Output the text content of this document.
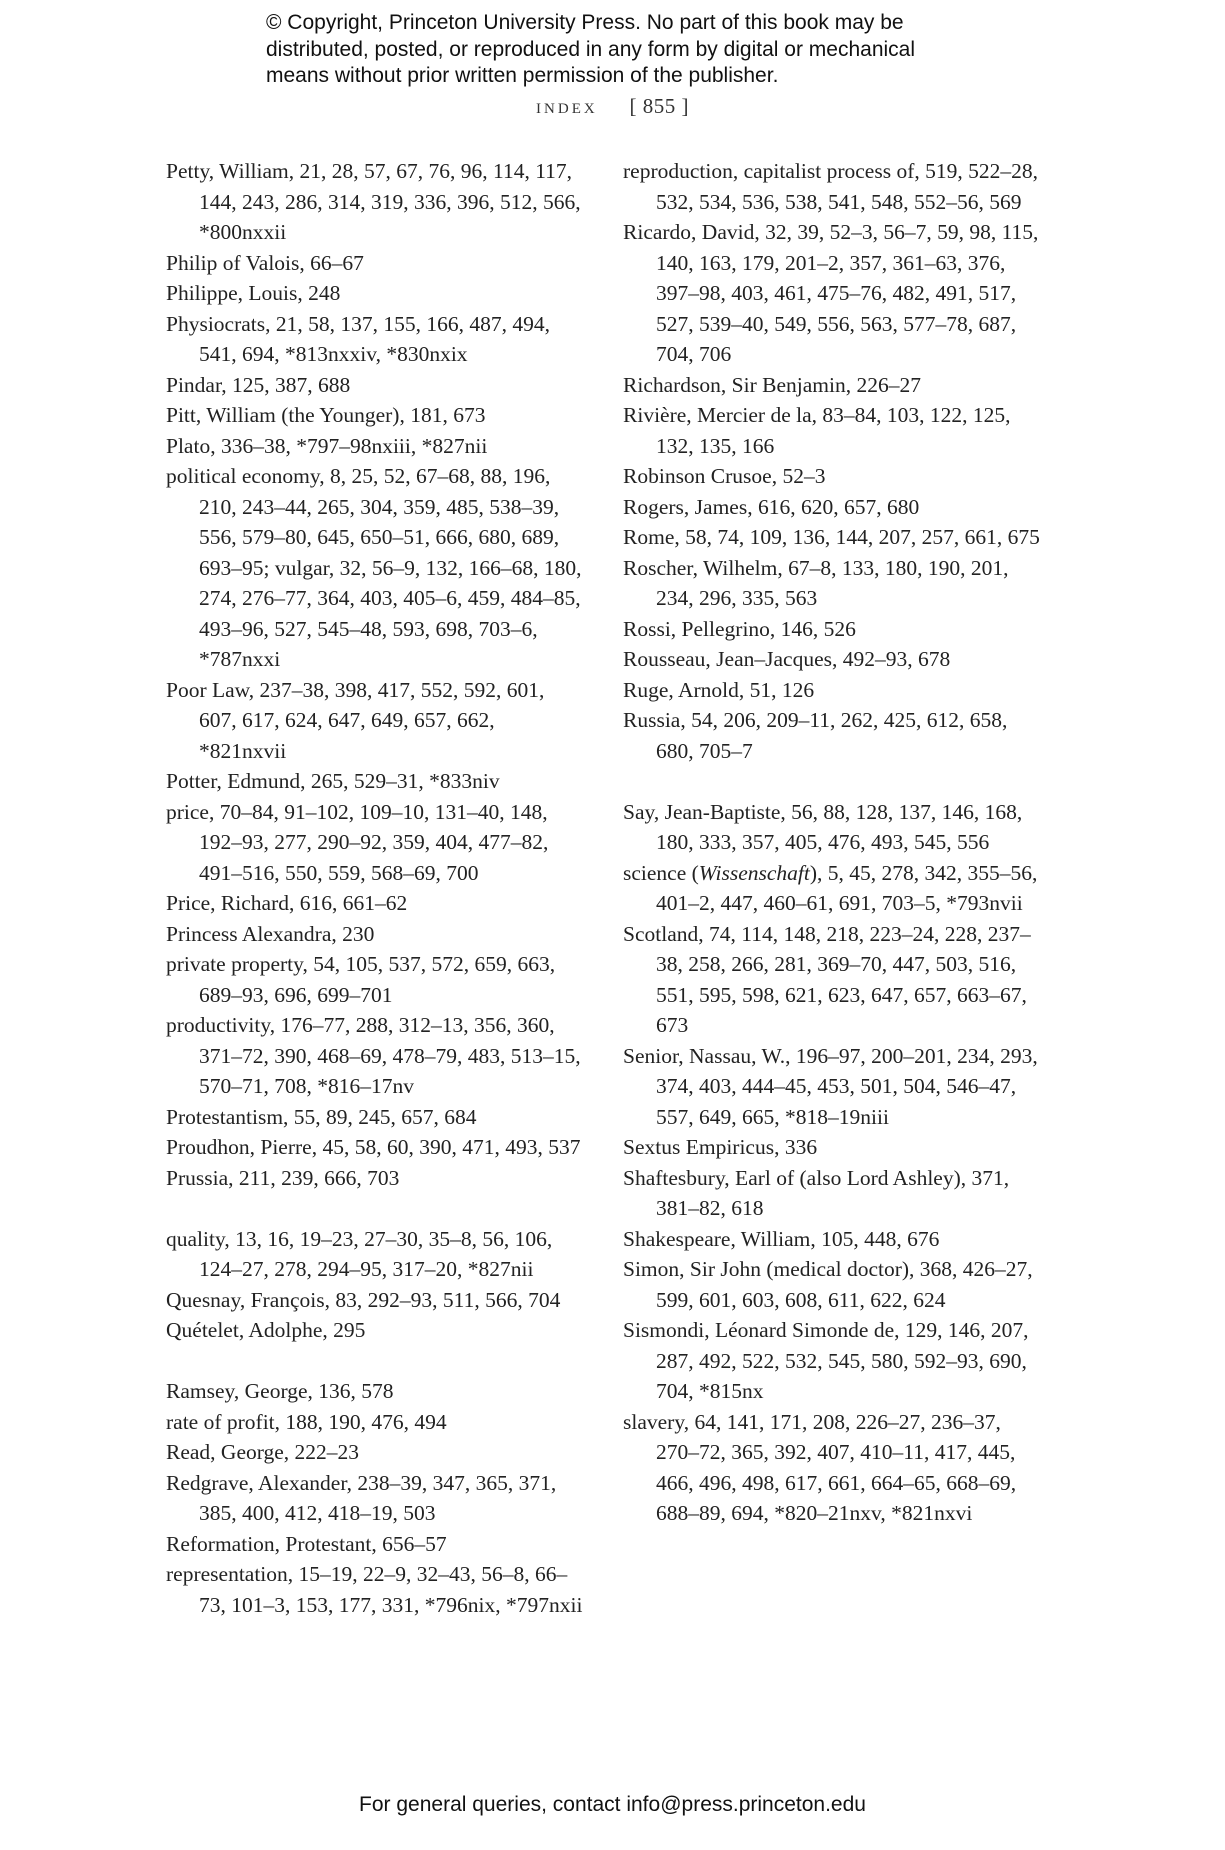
© Copyright, Princeton University Press. No part of this book may be
distributed, posted, or reproduced in any form by digital or mechanical
means without prior written permission of the publisher.
index [ 855 ]
Petty, William, 21, 28, 57, 67, 76, 96, 114, 117, 144, 243, 286, 314, 319, 336, 396, 512, 566, *800nxxii
Philip of Valois, 66–67
Philippe, Louis, 248
Physiocrats, 21, 58, 137, 155, 166, 487, 494, 541, 694, *813nxxiv, *830nxix
Pindar, 125, 387, 688
Pitt, William (the Younger), 181, 673
Plato, 336–38, *797–98nxiii, *827nii
political economy, 8, 25, 52, 67–68, 88, 196, 210, 243–44, 265, 304, 359, 485, 538–39, 556, 579–80, 645, 650–51, 666, 680, 689, 693–95; vulgar, 32, 56–9, 132, 166–68, 180, 274, 276–77, 364, 403, 405–6, 459, 484–85, 493–96, 527, 545–48, 593, 698, 703–6, *787nxxi
Poor Law, 237–38, 398, 417, 552, 592, 601, 607, 617, 624, 647, 649, 657, 662, *821nxvii
Potter, Edmund, 265, 529–31, *833niv
price, 70–84, 91–102, 109–10, 131–40, 148, 192–93, 277, 290–92, 359, 404, 477–82, 491–516, 550, 559, 568–69, 700
Price, Richard, 616, 661–62
Princess Alexandra, 230
private property, 54, 105, 537, 572, 659, 663, 689–93, 696, 699–701
productivity, 176–77, 288, 312–13, 356, 360, 371–72, 390, 468–69, 478–79, 483, 513–15, 570–71, 708, *816–17nv
Protestantism, 55, 89, 245, 657, 684
Proudhon, Pierre, 45, 58, 60, 390, 471, 493, 537
Prussia, 211, 239, 666, 703
quality, 13, 16, 19–23, 27–30, 35–8, 56, 106, 124–27, 278, 294–95, 317–20, *827nii
Quesnay, François, 83, 292–93, 511, 566, 704
Quételet, Adolphe, 295
Ramsey, George, 136, 578
rate of profit, 188, 190, 476, 494
Read, George, 222–23
Redgrave, Alexander, 238–39, 347, 365, 371, 385, 400, 412, 418–19, 503
Reformation, Protestant, 656–57
representation, 15–19, 22–9, 32–43, 56–8, 66–73, 101–3, 153, 177, 331, *796nix, *797nxii
reproduction, capitalist process of, 519, 522–28, 532, 534, 536, 538, 541, 548, 552–56, 569
Ricardo, David, 32, 39, 52–3, 56–7, 59, 98, 115, 140, 163, 179, 201–2, 357, 361–63, 376, 397–98, 403, 461, 475–76, 482, 491, 517, 527, 539–40, 549, 556, 563, 577–78, 687, 704, 706
Richardson, Sir Benjamin, 226–27
Rivière, Mercier de la, 83–84, 103, 122, 125, 132, 135, 166
Robinson Crusoe, 52–3
Rogers, James, 616, 620, 657, 680
Rome, 58, 74, 109, 136, 144, 207, 257, 661, 675
Roscher, Wilhelm, 67–8, 133, 180, 190, 201, 234, 296, 335, 563
Rossi, Pellegrino, 146, 526
Rousseau, Jean–Jacques, 492–93, 678
Ruge, Arnold, 51, 126
Russia, 54, 206, 209–11, 262, 425, 612, 658, 680, 705–7
Say, Jean-Baptiste, 56, 88, 128, 137, 146, 168, 180, 333, 357, 405, 476, 493, 545, 556
science (Wissenschaft), 5, 45, 278, 342, 355–56, 401–2, 447, 460–61, 691, 703–5, *793nvii
Scotland, 74, 114, 148, 218, 223–24, 228, 237–38, 258, 266, 281, 369–70, 447, 503, 516, 551, 595, 598, 621, 623, 647, 657, 663–67, 673
Senior, Nassau, W., 196–97, 200–201, 234, 293, 374, 403, 444–45, 453, 501, 504, 546–47, 557, 649, 665, *818–19niii
Sextus Empiricus, 336
Shaftesbury, Earl of (also Lord Ashley), 371, 381–82, 618
Shakespeare, William, 105, 448, 676
Simon, Sir John (medical doctor), 368, 426–27, 599, 601, 603, 608, 611, 622, 624
Sismondi, Léonard Simonde de, 129, 146, 207, 287, 492, 522, 532, 545, 580, 592–93, 690, 704, *815nx
slavery, 64, 141, 171, 208, 226–27, 236–37, 270–72, 365, 392, 407, 410–11, 417, 445, 466, 496, 498, 617, 661, 664–65, 668–69, 688–89, 694, *820–21nxv, *821nxvi
For general queries, contact info@press.princeton.edu
